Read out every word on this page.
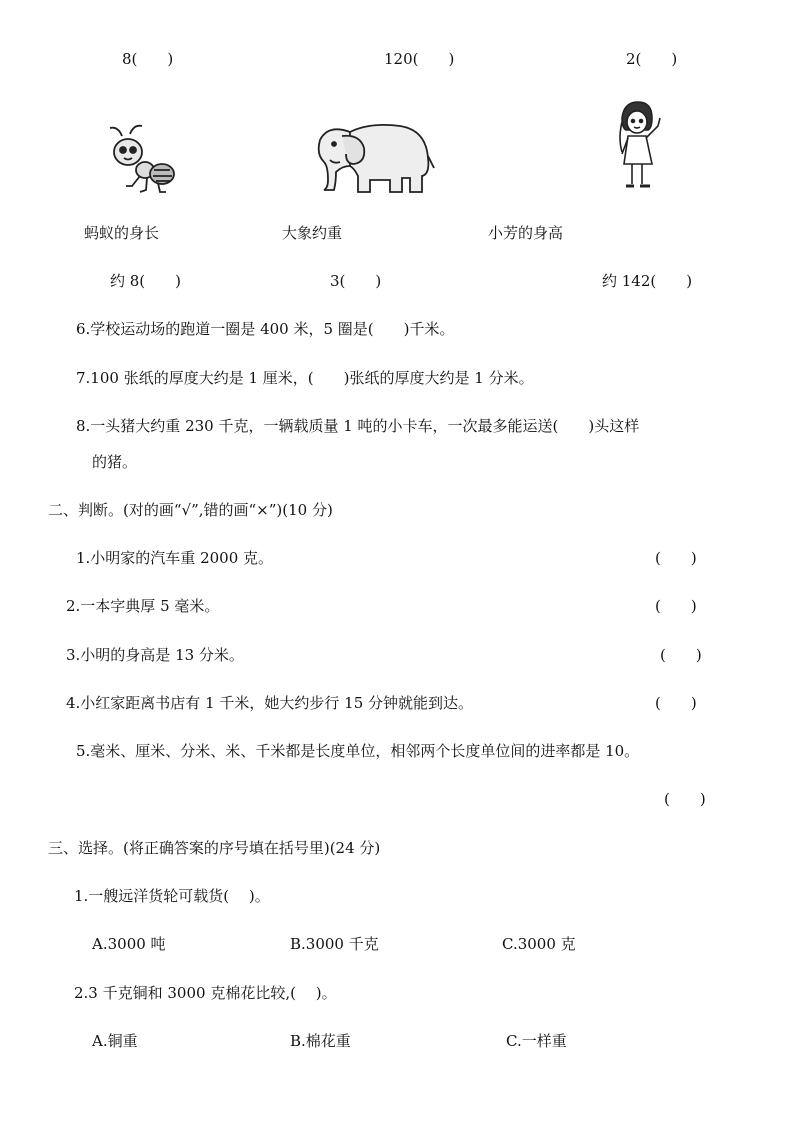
8(　　)	120(　　)	2(　　)
蚂蚁的身长	大象约重	小芳的身高
约 8(　　)	3(　　)	约 142(　　)
6.学校运动场的跑道一圈是 400 米，5 圈是(　　)千米。
7.100 张纸的厚度大约是 1 厘米，(　　)张纸的厚度大约是 1 分米。
8.一头猪大约重 230 千克，一辆载质量 1 吨的小卡车，一次最多能运送(　　)头这样
的猪。
二、判断。(对的画“√”,错的画“×”)(10 分)
1.小明家的汽车重 2000 克。	(　　)
2.一本字典厚 5 毫米。	(　　)
3.小明的身高是 13 分米。	(　　)
4.小红家距离书店有 1 千米，她大约步行 15 分钟就能到达。	(　　)
5.毫米、厘米、分米、米、千米都是长度单位，相邻两个长度单位间的进率都是 10。
(　　)
三、选择。(将正确答案的序号填在括号里)(24 分)
1.一艘远洋货轮可载货(　 )。
A.3000 吨	B.3000 千克	C.3000 克
2.3 千克铜和 3000 克棉花比较,(　 )。
A.铜重	B.棉花重	C.一样重
